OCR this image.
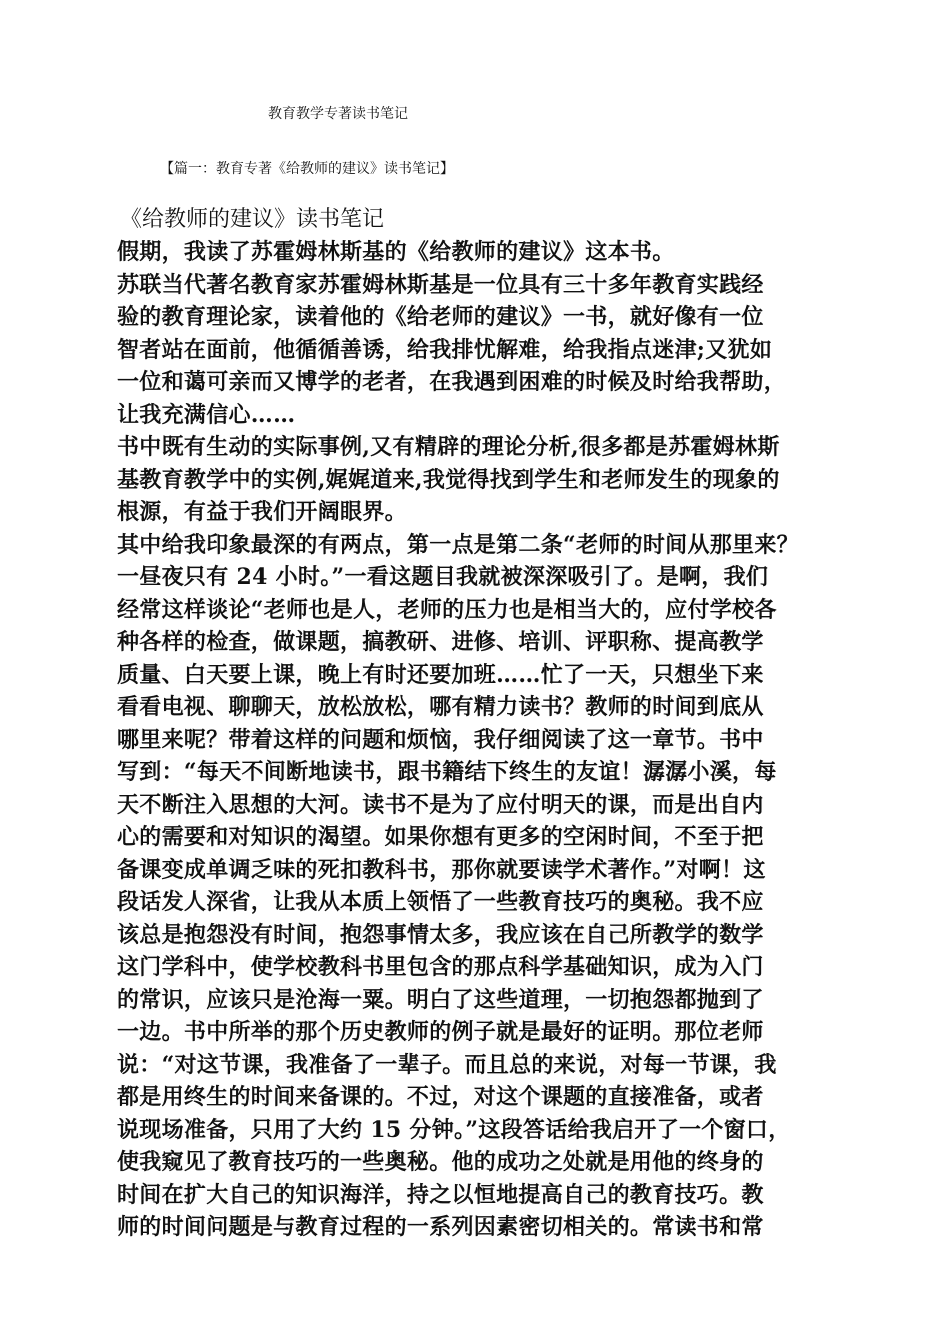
教育教学专著读书笔记
【篇一：教育专著《给教师的建议》读书笔记】
《给教师的建议》读书笔记
假期，我读了苏霍姆林斯基的《给教师的建议》这本书。
苏联当代著名教育家苏霍姆林斯基是一位具有三十多年教育实践经
验的教育理论家，读着他的《给老师的建议》一书，就好像有一位
智者站在面前，他循循善诱，给我排忧解难，给我指点迷津;又犹如
一位和蔼可亲而又博学的老者，在我遇到困难的时候及时给我帮助，
让我充满信心……
书中既有生动的实际事例,又有精辟的理论分析,很多都是苏霍姆林斯
基教育教学中的实例,娓娓道来,我觉得找到学生和老师发生的现象的
根源，有益于我们开阔眼界。
其中给我印象最深的有两点，第一点是第二条“老师的时间从那里来？
一昼夜只有 24 小时。”一看这题目我就被深深吸引了。是啊，我们
经常这样谈论“老师也是人，老师的压力也是相当大的，应付学校各
种各样的检查，做课题，搞教研、进修、培训、评职称、提高教学
质量、白天要上课，晚上有时还要加班……忙了一天，只想坐下来
看看电视、聊聊天，放松放松，哪有精力读书？教师的时间到底从
哪里来呢？带着这样的问题和烦恼，我仔细阅读了这一章节。书中
写到：“每天不间断地读书，跟书籍结下终生的友谊！潺潺小溪，每
天不断注入思想的大河。读书不是为了应付明天的课，而是出自内
心的需要和对知识的渴望。如果你想有更多的空闲时间，不至于把
备课变成单调乏味的死扣教科书，那你就要读学术著作。”对啊！这
段话发人深省，让我从本质上领悟了一些教育技巧的奥秘。我不应
该总是抱怨没有时间，抱怨事情太多，我应该在自己所教学的数学
这门学科中，使学校教科书里包含的那点科学基础知识，成为入门
的常识，应该只是沧海一粟。明白了这些道理，一切抱怨都抛到了
一边。书中所举的那个历史教师的例子就是最好的证明。那位老师
说：“对这节课，我准备了一辈子。而且总的来说，对每一节课，我
都是用终生的时间来备课的。不过，对这个课题的直接准备，或者
说现场准备，只用了大约 15 分钟。”这段答话给我启开了一个窗口，
使我窥见了教育技巧的一些奥秘。他的成功之处就是用他的终身的
时间在扩大自己的知识海洋，持之以恒地提高自己的教育技巧。教
师的时间问题是与教育过程的一系列因素密切相关的。常读书和常
